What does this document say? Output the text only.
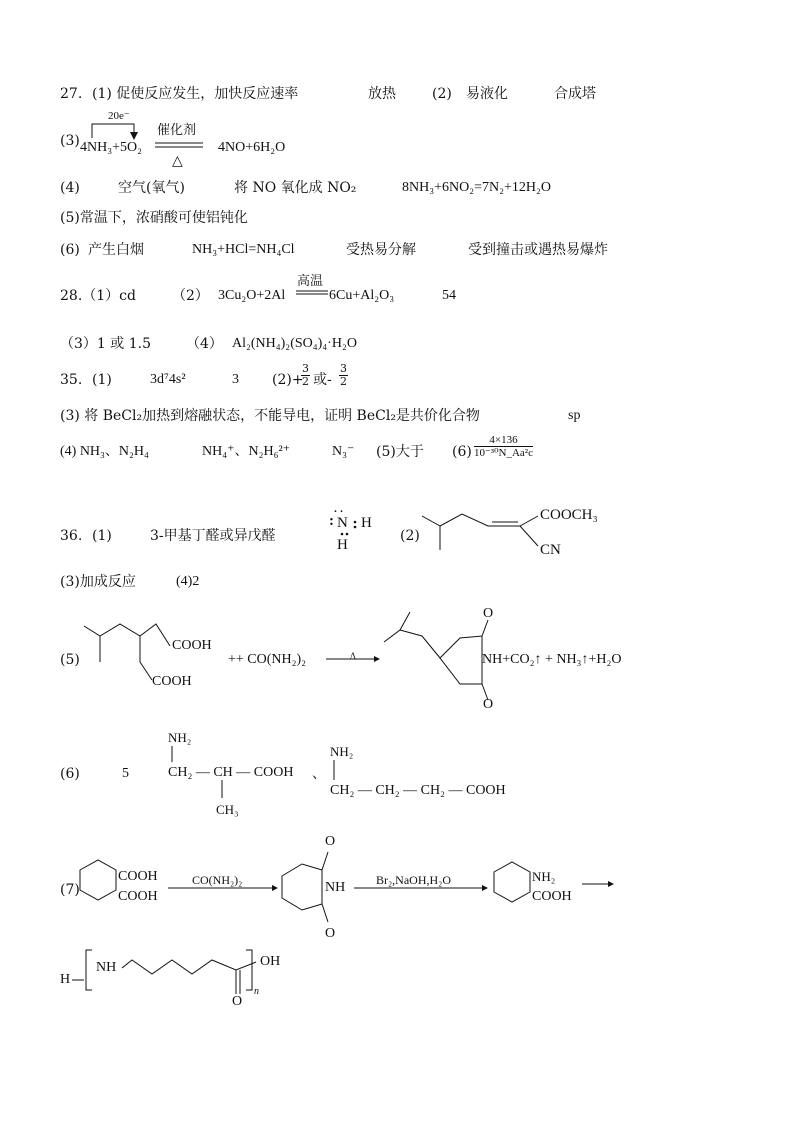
27. (1) 促使反应发生，加快反应速率	放热	(2) 易液化	合成塔
(3)
20e⁻
4NH₃+5O₂
催化剂
△
4NO+6H₂O
(4)	空气(氧气)	将 NO 氧化成 NO₂	8NH₃+6NO₂=7N₂+12H₂O
(5)常温下，浓硝酸可使铝钝化
(6) 产生白烟	NH₃+HCl=NH₄Cl	受热易分解	受到撞击或遇热易爆炸
28.（1）cd	（2） 3Cu₂O+2Al
高温
6Cu+Al₂O₃	54
（3）1 或 1.5	（4） Al₂(NH₄)₂(SO₄)₄·H₂O
35. (1)	3d⁷4s²	3 (2)+
$\frac{3}{2}$ 或- $\frac{3}{2}$
(3) 将 BeCl₂加热到熔融状态，不能导电，证明 BeCl₂是共价化合物	sp
(4) NH₃、N₂H₄	NH₄⁺、N₂H₆²⁺	N₃⁻ (5)大于 $(6) \frac{4\times 136}{\text{10⁻³⁰N\_Aa²c}}$
36. (1)	3-甲基丁醛或异戊醛
··
: N H
H
(2)
COOCH₃
CN
(3)加成反应	(4)2
(5)
COOH
COOH
++ CO(NH₂)₂	Δ
O
O
NH+CO₂↑ + NH₃↑+H₂O
(6)	5
NH₂
CH₂ — CH — COOH
CH₃
、
NH₂
CH₂ — CH₂ — CH₂ — COOH
(7)
COOH
COOH
CO(NH₂)₂
O
O
NH	Br₂,NaOH,H₂O	NH₂
COOH
H
NH	OH
O
n
